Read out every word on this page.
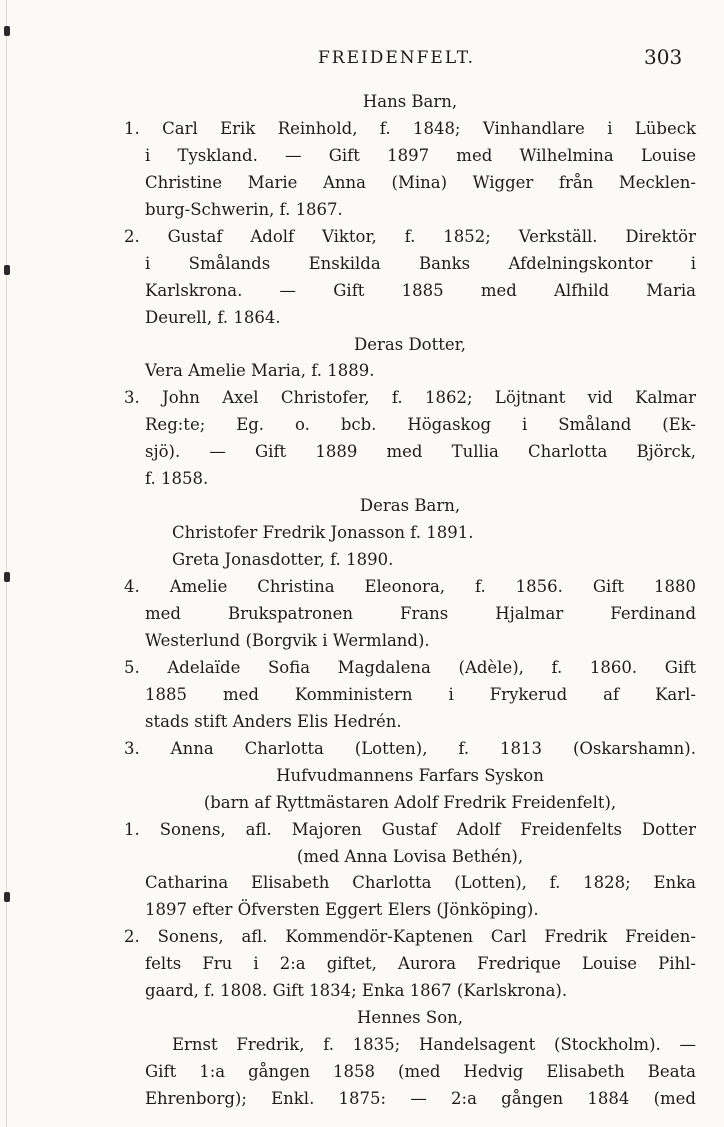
FREIDENFELT.	303
Hans Barn,
1. Carl Erik Reinhold, f. 1848; Vinhandlare i Lübeck
i Tyskland. — Gift 1897 med Wilhelmina Louise
Christine Marie Anna (Mina) Wigger från Mecklen-
burg-Schwerin, f. 1867.
2. Gustaf Adolf Viktor, f. 1852; Verkställ. Direktör
i Smålands Enskilda Banks Afdelningskontor i
Karlskrona. — Gift 1885 med Alfhild Maria
Deurell, f. 1864.
Deras Dotter,
Vera Amelie Maria, f. 1889.
3. John Axel Christofer, f. 1862; Löjtnant vid Kalmar
Reg:te; Eg. o. bcb. Högaskog i Småland (Ek-
sjö). — Gift 1889 med Tullia Charlotta Björck,
f. 1858.
Deras Barn,
Christofer Fredrik Jonasson f. 1891.
Greta Jonasdotter, f. 1890.
4. Amelie Christina Eleonora, f. 1856. Gift 1880
med Brukspatronen Frans Hjalmar Ferdinand
Westerlund (Borgvik i Wermland).
5. Adelaïde Sofia Magdalena (Adèle), f. 1860. Gift
1885 med Komministern i Frykerud af Karl-
stads stift Anders Elis Hedrén.
3. Anna Charlotta (Lotten), f. 1813 (Oskarshamn).
Hufvudmannens Farfars Syskon
(barn af Ryttmästaren Adolf Fredrik Freidenfelt),
1. Sonens, afl. Majoren Gustaf Adolf Freidenfelts Dotter
(med Anna Lovisa Bethén),
Catharina Elisabeth Charlotta (Lotten), f. 1828; Enka
1897 efter Öfversten Eggert Elers (Jönköping).
2. Sonens, afl. Kommendör-Kaptenen Carl Fredrik Freiden-
felts Fru i 2:a giftet, Aurora Fredrique Louise Pihl-
gaard, f. 1808. Gift 1834; Enka 1867 (Karlskrona).
Hennes Son,
Ernst Fredrik, f. 1835; Handelsagent (Stockholm). —
Gift 1:a gången 1858 (med Hedvig Elisabeth Beata
Ehrenborg); Enkl. 1875: — 2:a gången 1884 (med
